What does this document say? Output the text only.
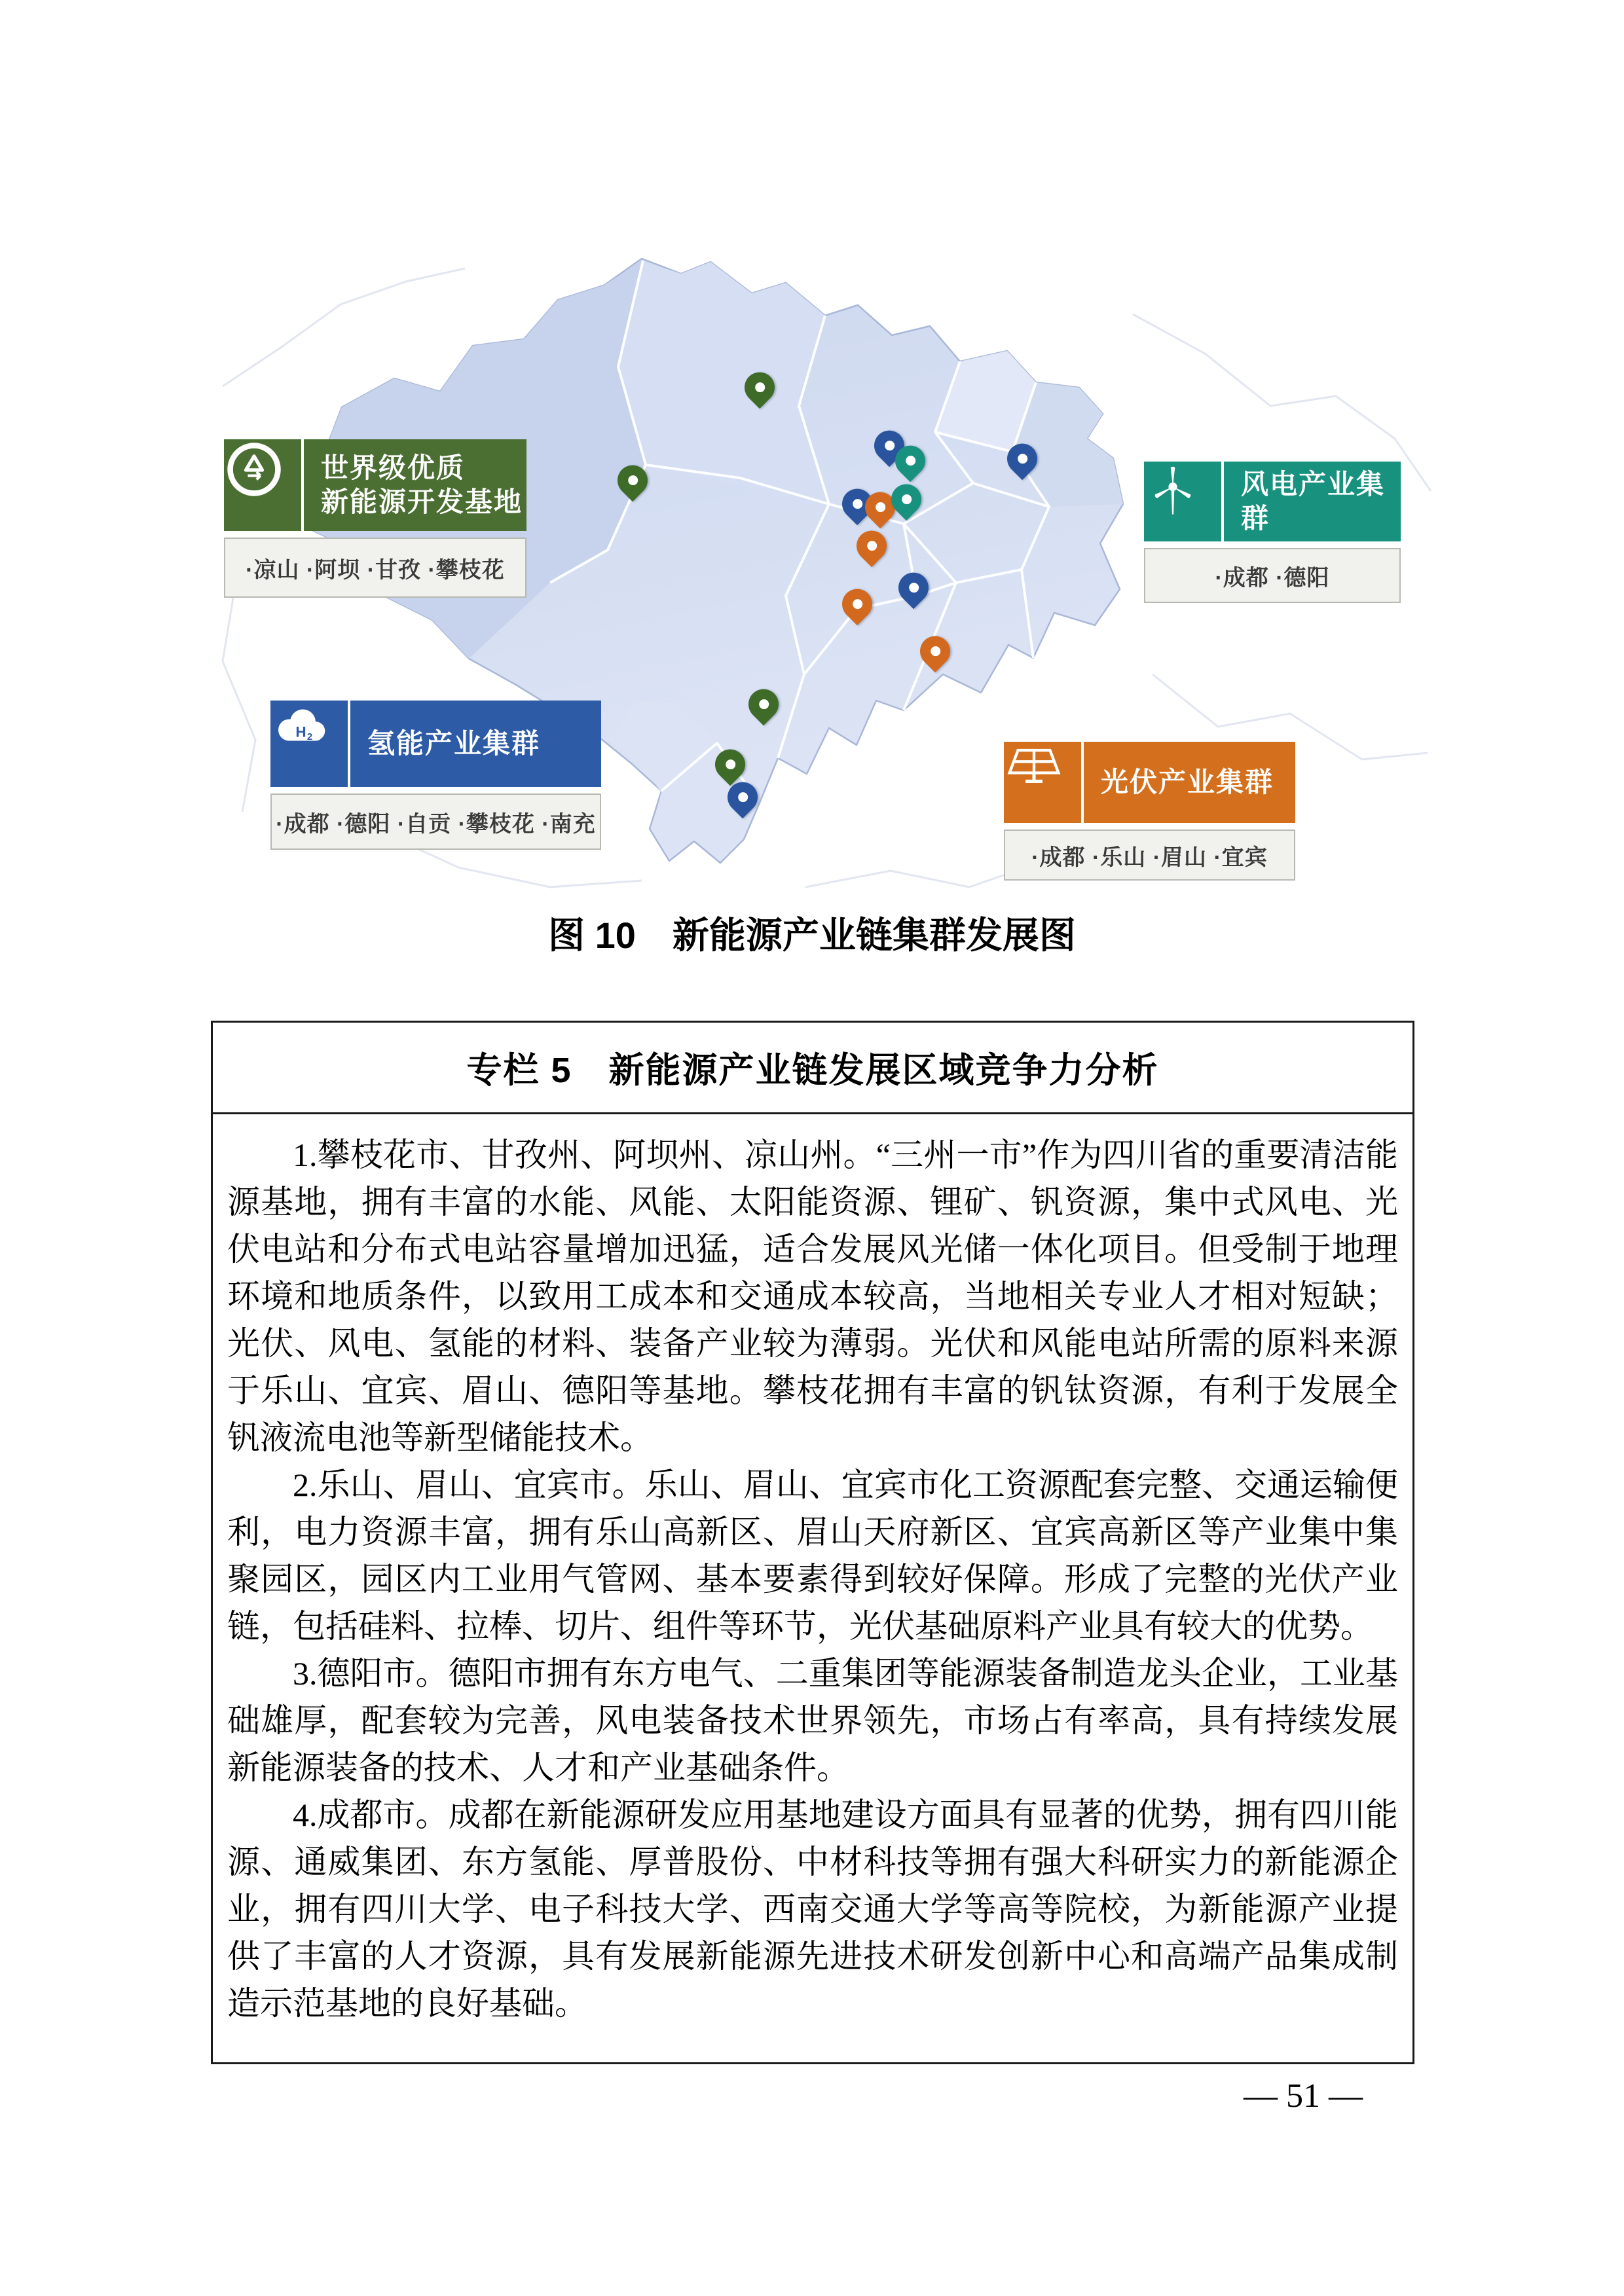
世界级优质
新能源开发基地
·凉山 ·阿坝 ·甘孜 ·攀枝花
风电产业集群
·成都 ·德阳
H 2 氢能产业集群
·成都 ·德阳 ·自贡 ·攀枝花 ·南充
光伏产业集群
·成都 ·乐山 ·眉山 ·宜宾
图 10　新能源产业链集群发展图
专栏 5　新能源产业链发展区域竞争力分析

1.攀枝花市、甘孜州、阿坝州、凉山州。“三州一市”作为四川省的重要清洁能源基地，拥有丰富的水能、风能、太阳能资源、锂矿、钒资源，集中式风电、光伏电站和分布式电站容量增加迅猛，适合发展风光储一体化项目。但受制于地理环境和地质条件，以致用工成本和交通成本较高，当地相关专业人才相对短缺；光伏、风电、氢能的材料、装备产业较为薄弱。光伏和风能电站所需的原料来源于乐山、宜宾、眉山、德阳等基地。攀枝花拥有丰富的钒钛资源，有利于发展全钒液流电池等新型储能技术。

2.乐山、眉山、宜宾市。乐山、眉山、宜宾市化工资源配套完整、交通运输便利，电力资源丰富，拥有乐山高新区、眉山天府新区、宜宾高新区等产业集中集聚园区，园区内工业用气管网、基本要素得到较好保障。形成了完整的光伏产业链，包括硅料、拉棒、切片、组件等环节，光伏基础原料产业具有较大的优势。

3.德阳市。德阳市拥有东方电气、二重集团等能源装备制造龙头企业，工业基础雄厚，配套较为完善，风电装备技术世界领先，市场占有率高，具有持续发展新能源装备的技术、人才和产业基础条件。

4.成都市。成都在新能源研发应用基地建设方面具有显著的优势，拥有四川能源、通威集团、东方氢能、厚普股份、中材科技等拥有强大科研实力的新能源企业，拥有四川大学、电子科技大学、西南交通大学等高等院校，为新能源产业提供了丰富的人才资源，具有发展新能源先进技术研发创新中心和高端产品集成制造示范基地的良好基础。

— 51 —
